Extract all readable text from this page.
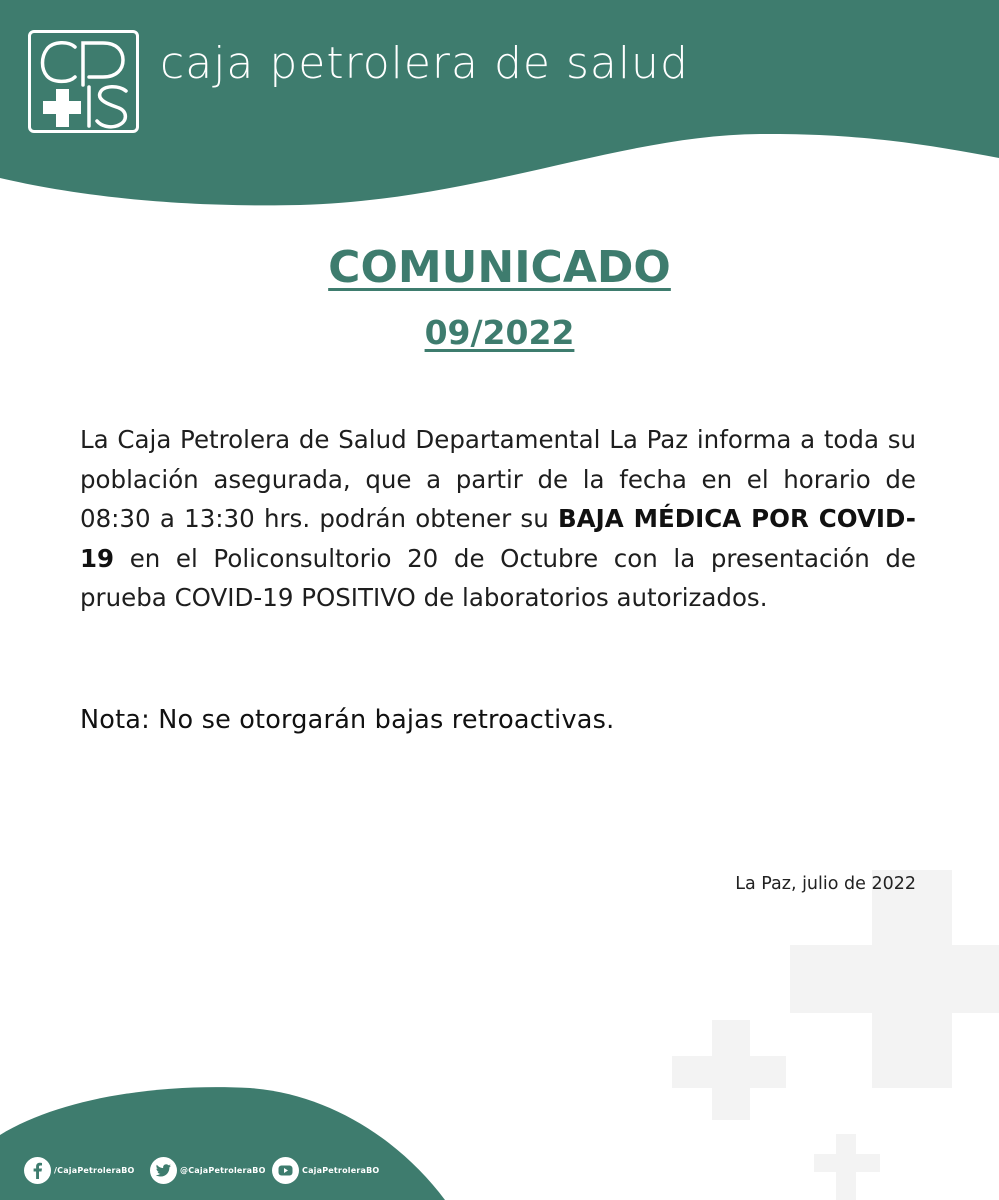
caja petrolera de salud
COMUNICADO
09/2022
La Caja Petrolera de Salud Departamental La Paz informa a toda su población asegurada, que a partir de la fecha en el horario de 08:30 a 13:30 hrs. podrán obtener su BAJA MÉDICA POR COVID- 19 en el Policonsultorio 20 de Octubre con la presentación de prueba COVID-19 POSITIVO de laboratorios autorizados.
Nota: No se otorgarán bajas retroactivas.
La Paz, julio de 2022
/CajaPetroleraBO	@CajaPetroleraBO	CajaPetroleraBO
